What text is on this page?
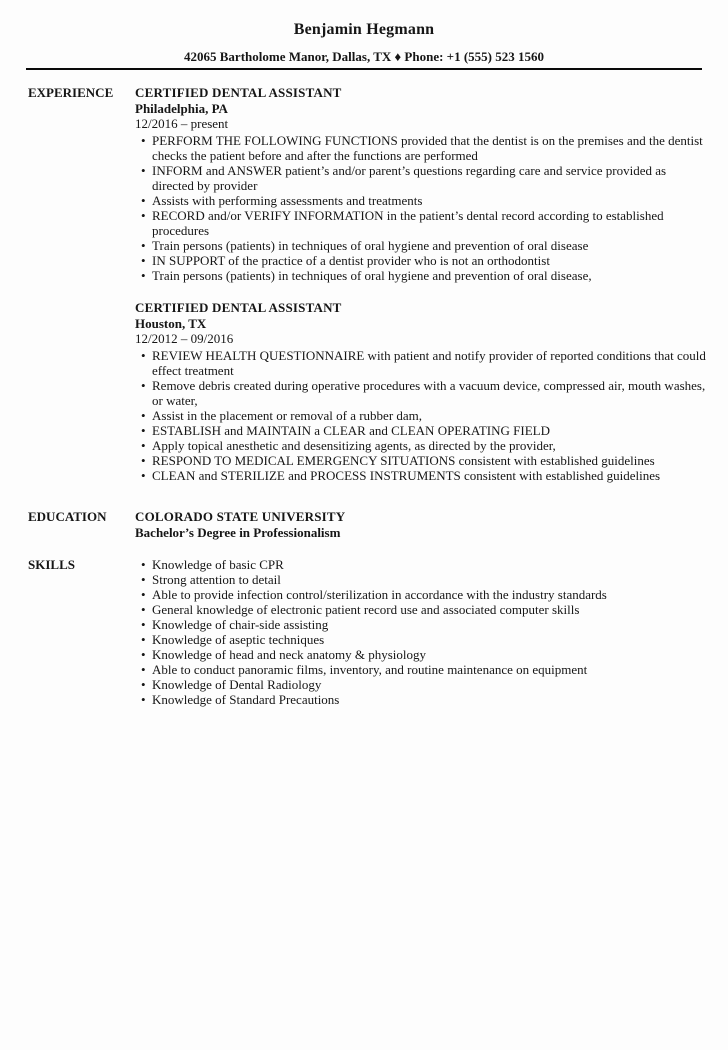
Benjamin Hegmann

42065 Bartholome Manor, Dallas, TX ♦ Phone: +1 (555) 523 1560

EXPERIENCE	CERTIFIED DENTAL ASSISTANT
Philadelphia, PA
12/2016 – present
• PERFORM THE FOLLOWING FUNCTIONS provided that the dentist is on the premises and the dentist checks the patient before and after the functions are performed
• INFORM and ANSWER patient’s and/or parent’s questions regarding care and service provided as directed by provider
• Assists with performing assessments and treatments
• RECORD and/or VERIFY INFORMATION in the patient’s dental record according to established procedures
• Train persons (patients) in techniques of oral hygiene and prevention of oral disease
• IN SUPPORT of the practice of a dentist provider who is not an orthodontist
• Train persons (patients) in techniques of oral hygiene and prevention of oral disease,
CERTIFIED DENTAL ASSISTANT
Houston, TX
12/2012 – 09/2016
• REVIEW HEALTH QUESTIONNAIRE with patient and notify provider of reported conditions that could effect treatment
• Remove debris created during operative procedures with a vacuum device, compressed air, mouth washes, or water,
• Assist in the placement or removal of a rubber dam,
• ESTABLISH and MAINTAIN a CLEAR and CLEAN OPERATING FIELD
• Apply topical anesthetic and desensitizing agents, as directed by the provider,
• RESPOND TO MEDICAL EMERGENCY SITUATIONS consistent with established guidelines
• CLEAN and STERILIZE and PROCESS INSTRUMENTS consistent with established guidelines
EDUCATION	COLORADO STATE UNIVERSITY
Bachelor’s Degree in Professionalism
SKILLS	• Knowledge of basic CPR
• Strong attention to detail
• Able to provide infection control/sterilization in accordance with the industry standards
• General knowledge of electronic patient record use and associated computer skills
• Knowledge of chair-side assisting
• Knowledge of aseptic techniques
• Knowledge of head and neck anatomy & physiology
• Able to conduct panoramic films, inventory, and routine maintenance on equipment
• Knowledge of Dental Radiology
• Knowledge of Standard Precautions
